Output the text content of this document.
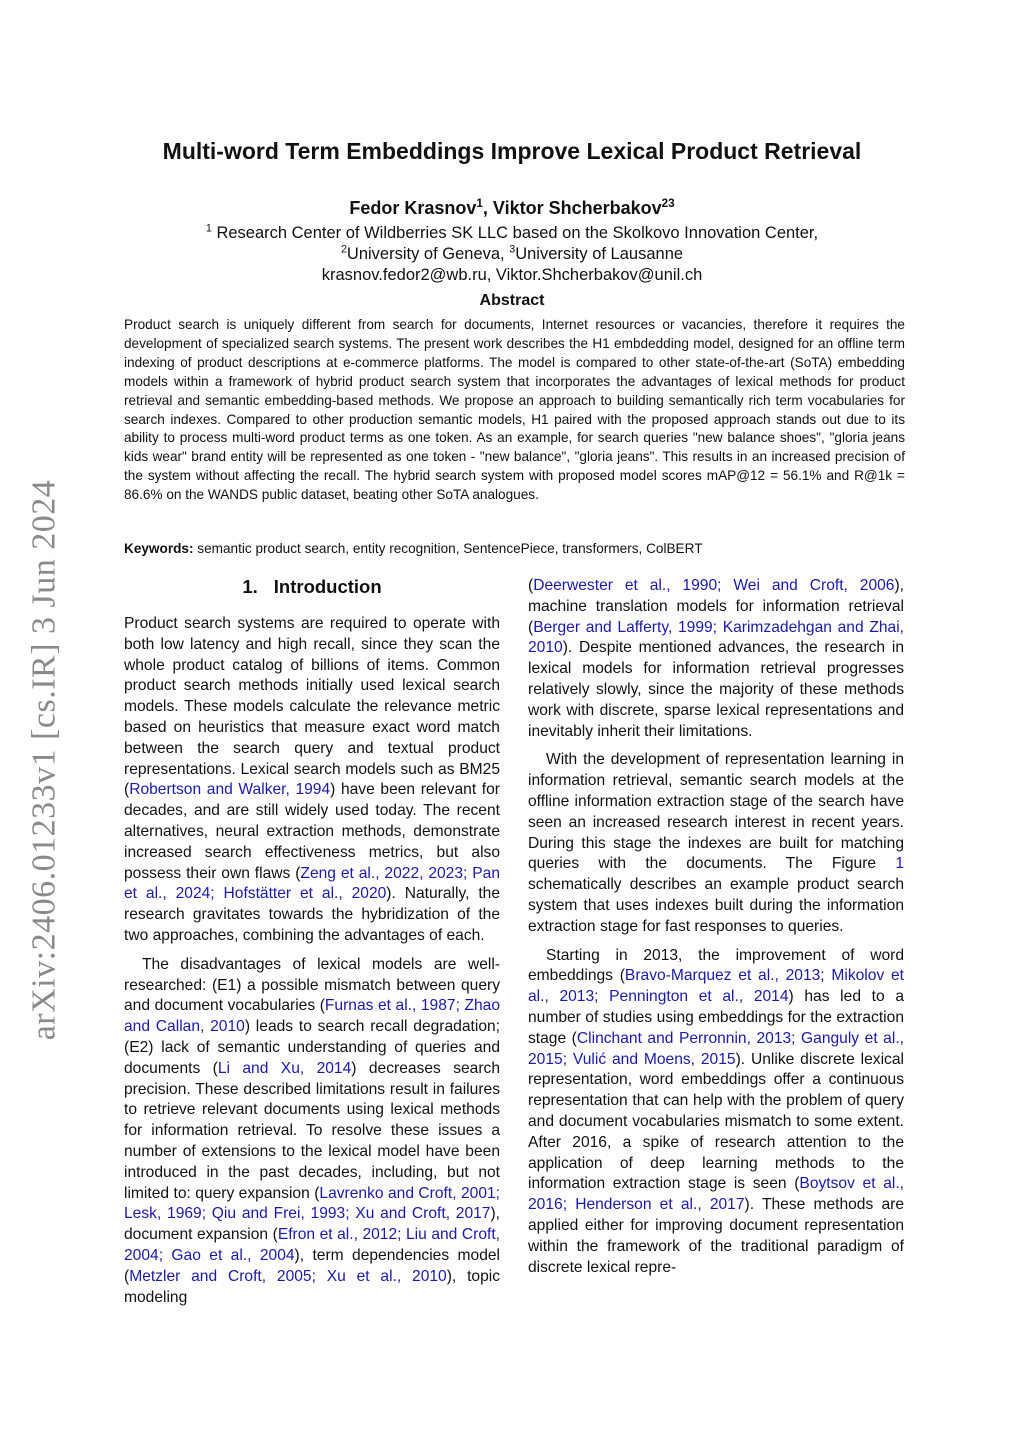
arXiv:2406.01233v1 [cs.IR] 3 Jun 2024
Multi-word Term Embeddings Improve Lexical Product Retrieval
Fedor Krasnov$^1$, Viktor Shcherbakov$^{23}$
$^1$ Research Center of Wildberries SK LLC based on the Skolkovo Innovation Center,
$^2$University of Geneva, $^3$University of Lausanne
krasnov.fedor2@wb.ru, Viktor.Shcherbakov@unil.ch
Abstract

Product search is uniquely different from search for documents, Internet resources or vacancies, therefore it requires the development of specialized search systems. The present work describes the H1 embdedding model, designed for an offline term indexing of product descriptions at e-commerce platforms. The model is compared to other state-of-the-art (SoTA) embedding models within a framework of hybrid product search system that incorporates the advantages of lexical methods for product retrieval and semantic embedding-based methods. We propose an approach to building semantically rich term vocabularies for search indexes. Compared to other production semantic models, H1 paired with the proposed approach stands out due to its ability to process multi-word product terms as one token. As an example, for search queries "new balance shoes", "gloria jeans kids wear" brand entity will be represented as one token - "new balance", "gloria jeans". This results in an increased precision of the system without affecting the recall. The hybrid search system with proposed model scores mAP@12 = 56.1% and R@1k = 86.6% on the WANDS public dataset, beating other SoTA analogues.

Keywords: semantic product search, entity recognition, SentencePiece, transformers, ColBERT
1. Introduction

Product search systems are required to operate with both low latency and high recall, since they scan the whole product catalog of billions of items. Common product search methods initially used lexical search models. These models calculate the relevance metric based on heuristics that measure exact word match between the search query and textual product representations. Lexical search models such as BM25 (Robertson and Walker, 1994) have been relevant for decades, and are still widely used today. The recent alternatives, neural extraction methods, demonstrate increased search effectiveness metrics, but also possess their own flaws (Zeng et al., 2022, 2023; Pan et al., 2024; Hofstätter et al., 2020). Naturally, the research gravitates towards the hybridization of the two approaches, combining the advantages of each.

The disadvantages of lexical models are well-researched: (E1) a possible mismatch between query and document vocabularies (Furnas et al., 1987; Zhao and Callan, 2010) leads to search recall degradation; (E2) lack of semantic understanding of queries and documents (Li and Xu, 2014) decreases search precision. These described limitations result in failures to retrieve relevant documents using lexical methods for information retrieval. To resolve these issues a number of extensions to the lexical model have been introduced in the past decades, including, but not limited to: query expansion (Lavrenko and Croft, 2001; Lesk, 1969; Qiu and Frei, 1993; Xu and Croft, 2017), document expansion (Efron et al., 2012; Liu and Croft, 2004; Gao et al., 2004), term dependencies model (Metzler and Croft, 2005; Xu et al., 2010), topic modeling

(Deerwester et al., 1990; Wei and Croft, 2006), machine translation models for information retrieval (Berger and Lafferty, 1999; Karimzadehgan and Zhai, 2010). Despite mentioned advances, the research in lexical models for information retrieval progresses relatively slowly, since the majority of these methods work with discrete, sparse lexical representations and inevitably inherit their limitations.

With the development of representation learning in information retrieval, semantic search models at the offline information extraction stage of the search have seen an increased research interest in recent years. During this stage the indexes are built for matching queries with the documents. The Figure 1 schematically describes an example product search system that uses indexes built during the information extraction stage for fast responses to queries.

Starting in 2013, the improvement of word embeddings (Bravo-Marquez et al., 2013; Mikolov et al., 2013; Pennington et al., 2014) has led to a number of studies using embeddings for the extraction stage (Clinchant and Perronnin, 2013; Ganguly et al., 2015; Vulić and Moens, 2015). Unlike discrete lexical representation, word embeddings offer a continuous representation that can help with the problem of query and document vocabularies mismatch to some extent. After 2016, a spike of research attention to the application of deep learning methods to the information extraction stage is seen (Boytsov et al., 2016; Henderson et al., 2017). These methods are applied either for improving document representation within the framework of the traditional paradigm of discrete lexical repre-
